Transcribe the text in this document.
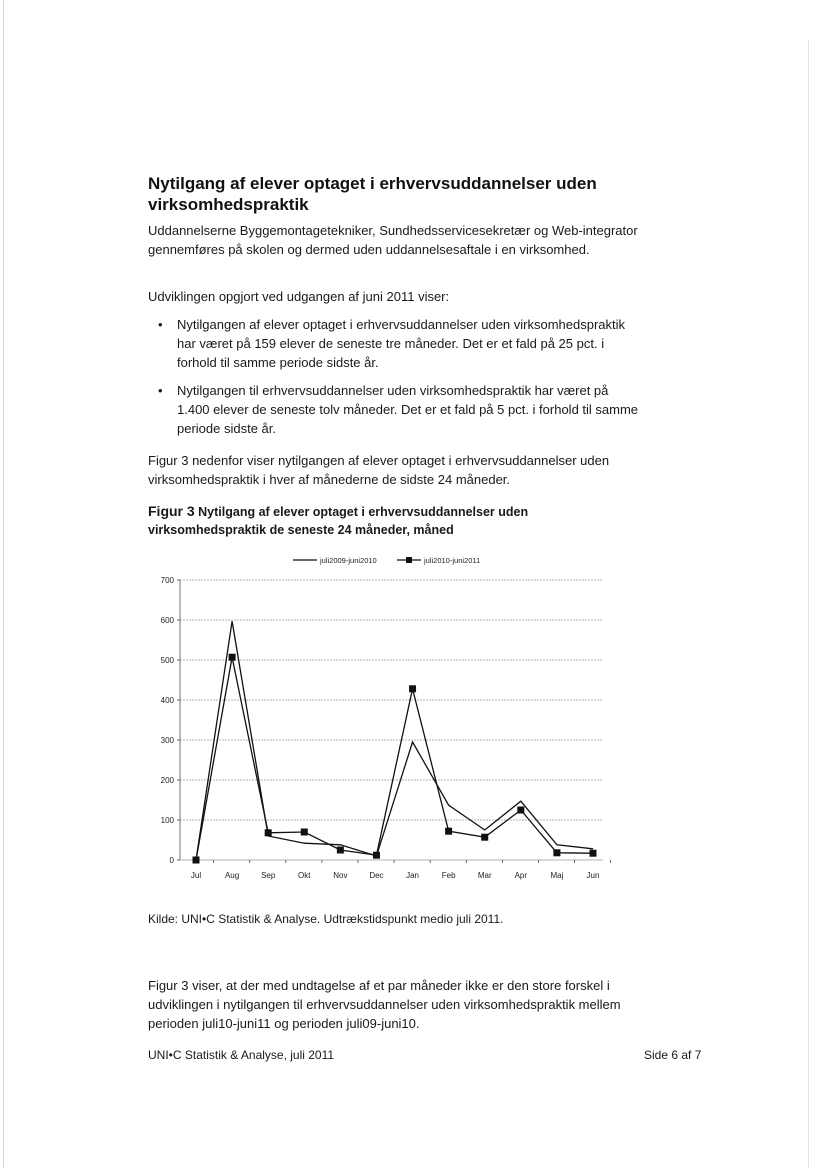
Nytilgang af elever optaget i erhvervsuddannelser uden virksomhedspraktik
Uddannelserne Byggemontagetekniker, Sundhedsservicesekretær og Web-integrator gennemføres på skolen og dermed uden uddannelsesaftale i en virksomhed.
Udviklingen opgjort ved udgangen af juni 2011 viser:
• Nytilgangen af elever optaget i erhvervsuddannelser uden virksomhedspraktik har været på 159 elever de seneste tre måneder. Det er et fald på 25 pct. i forhold til samme periode sidste år.
• Nytilgangen til erhvervsuddannelser uden virksomhedspraktik har været på 1.400 elever de seneste tolv måneder. Det er et fald på 5 pct. i forhold til samme periode sidste år.
Figur 3 nedenfor viser nytilgangen af elever optaget i erhvervsuddannelser uden virksomhedspraktik i hver af månederne de sidste 24 måneder.
Figur 3 Nytilgang af elever optaget i erhvervsuddannelser uden virksomhedspraktik de seneste 24 måneder, måned
juli2009-juni2010	juli2010-juni2011
0
100
200
300
400
500
600
700
Jul	Aug	Sep	Okt	Nov	Dec	Jan	Feb	Mar	Apr	Maj	Jun
Kilde: UNI•C Statistik & Analyse. Udtrækstidspunkt medio juli 2011.
Figur 3 viser, at der med undtagelse af et par måneder ikke er den store forskel i udviklingen i nytilgangen til erhvervsuddannelser uden virksomhedspraktik mellem perioden juli10-juni11 og perioden juli09-juni10.
UNI•C Statistik & Analyse, juli 2011	Side 6 af 7
